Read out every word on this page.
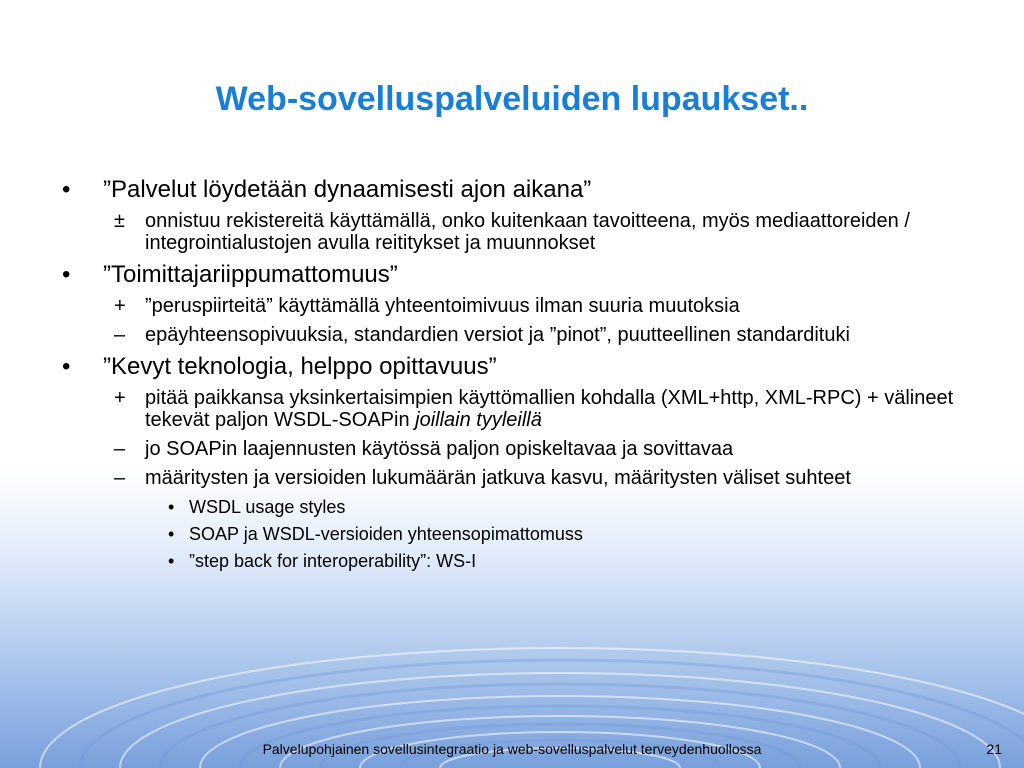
Web-sovelluspalveluiden lupaukset..
• ”Palvelut löydetään dynaamisesti ajon aikana”
± onnistuu rekistereitä käyttämällä, onko kuitenkaan tavoitteena, myös mediaattoreiden / integrointialustojen avulla reititykset ja muunnokset
• ”Toimittajariippumattomuus”
+ ”peruspiirteitä” käyttämällä yhteentoimivuus ilman suuria muutoksia
– epäyhteensopivuuksia, standardien versiot ja ”pinot”, puutteellinen standardituki
• ”Kevyt teknologia, helppo opittavuus”
+ pitää paikkansa yksinkertaisimpien käyttömallien kohdalla (XML+http, XML-RPC) + välineet tekevät paljon WSDL-SOAPin joillain tyyleillä
– jo SOAPin laajennusten käytössä paljon opiskeltavaa ja sovittavaa
– määritysten ja versioiden lukumäärän jatkuva kasvu, määritysten väliset suhteet
• WSDL usage styles
• SOAP ja WSDL-versioiden yhteensopimattomuss
• ”step back for interoperability”: WS-I
Palvelupohjainen sovellusintegraatio ja web-sovelluspalvelut terveydenhuollossa	21
